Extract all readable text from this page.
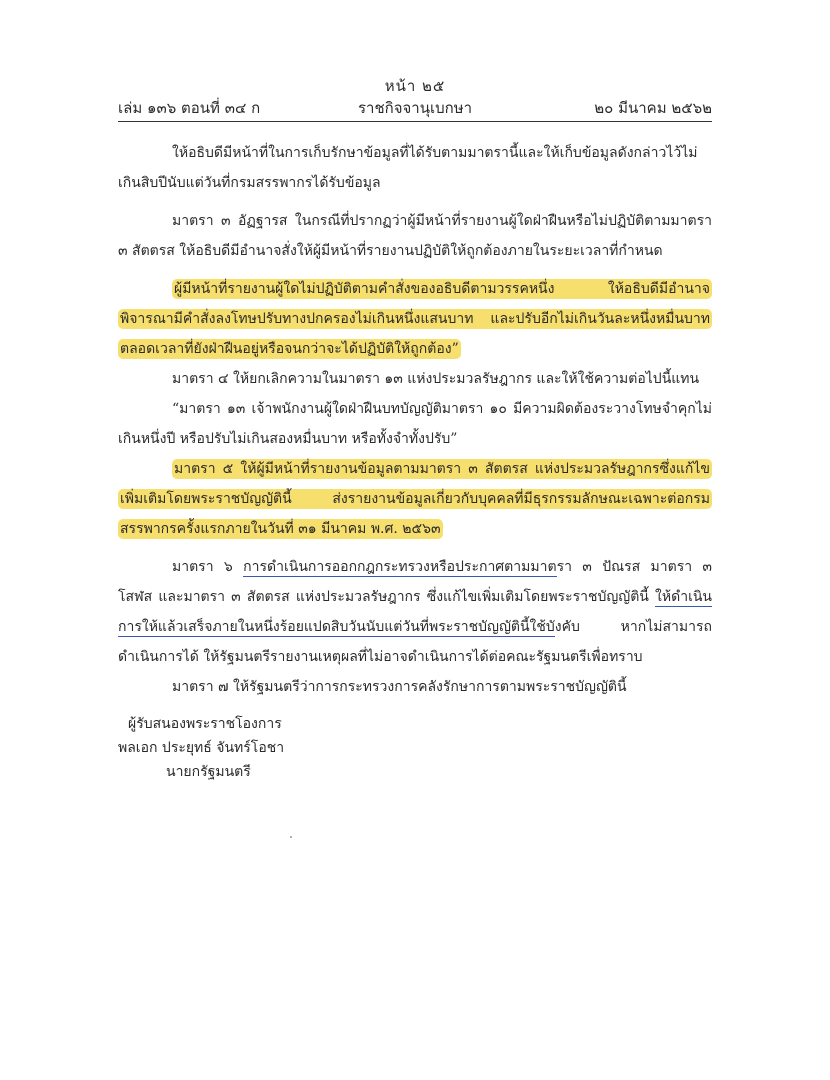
หน้า ๒๕
เล่ม ๑๓๖ ตอนที่ ๓๔ ก	ราชกิจจานุเบกษา	๒๐ มีนาคม ๒๕๖๒

ให้อธิบดีมีหน้าที่ในการเก็บรักษาข้อมูลที่ได้รับตามมาตรานี้และให้เก็บข้อมูลดังกล่าวไว้ไม่เกินสิบปีนับแต่วันที่กรมสรรพากรได้รับข้อมูล

มาตรา ๓ อัฏฐารส ในกรณีที่ปรากฏว่าผู้มีหน้าที่รายงานผู้ใดฝ่าฝืนหรือไม่ปฏิบัติตามมาตรา ๓ สัตตรส ให้อธิบดีมีอำนาจสั่งให้ผู้มีหน้าที่รายงานปฏิบัติให้ถูกต้องภายในระยะเวลาที่กำหนด

ผู้มีหน้าที่รายงานผู้ใดไม่ปฏิบัติตามคำสั่งของอธิบดีตามวรรคหนึ่ง ให้อธิบดีมีอำนาจพิจารณามีคำสั่งลงโทษปรับทางปกครองไม่เกินหนึ่งแสนบาท และปรับอีกไม่เกินวันละหนึ่งหมื่นบาท ตลอดเวลาที่ยังฝ่าฝืนอยู่หรือจนกว่าจะได้ปฏิบัติให้ถูกต้อง”

มาตรา ๔ ให้ยกเลิกความในมาตรา ๑๓ แห่งประมวลรัษฎากร และให้ใช้ความต่อไปนี้แทน

“มาตรา ๑๓ เจ้าพนักงานผู้ใดฝ่าฝืนบทบัญญัติมาตรา ๑๐ มีความผิดต้องระวางโทษจำคุกไม่เกินหนึ่งปี หรือปรับไม่เกินสองหมื่นบาท หรือทั้งจำทั้งปรับ”

มาตรา ๕ ให้ผู้มีหน้าที่รายงานข้อมูลตามมาตรา ๓ สัตตรส แห่งประมวลรัษฎากรซึ่งแก้ไขเพิ่มเติมโดยพระราชบัญญัตินี้ ส่งรายงานข้อมูลเกี่ยวกับบุคคลที่มีธุรกรรมลักษณะเฉพาะต่อกรมสรรพากรครั้งแรกภายในวันที่ ๓๑ มีนาคม พ.ศ. ๒๕๖๓

มาตรา ๖ การดำเนินการออกกฎกระทรวงหรือประกาศตามมาตรา ๓ ปัณรส มาตรา ๓ โสฬส และมาตรา ๓ สัตตรส แห่งประมวลรัษฎากร ซึ่งแก้ไขเพิ่มเติมโดยพระราชบัญญัตินี้ ให้ดำเนินการให้แล้วเสร็จภายในหนึ่งร้อยแปดสิบวันนับแต่วันที่พระราชบัญญัตินี้ใช้บังคับ หากไม่สามารถดำเนินการได้ ให้รัฐมนตรีรายงานเหตุผลที่ไม่อาจดำเนินการได้ต่อคณะรัฐมนตรีเพื่อทราบ

มาตรา ๗ ให้รัฐมนตรีว่าการกระทรวงการคลังรักษาการตามพระราชบัญญัตินี้

ผู้รับสนองพระราชโองการ
พลเอก ประยุทธ์ จันทร์โอชา
นายกรัฐมนตรี
